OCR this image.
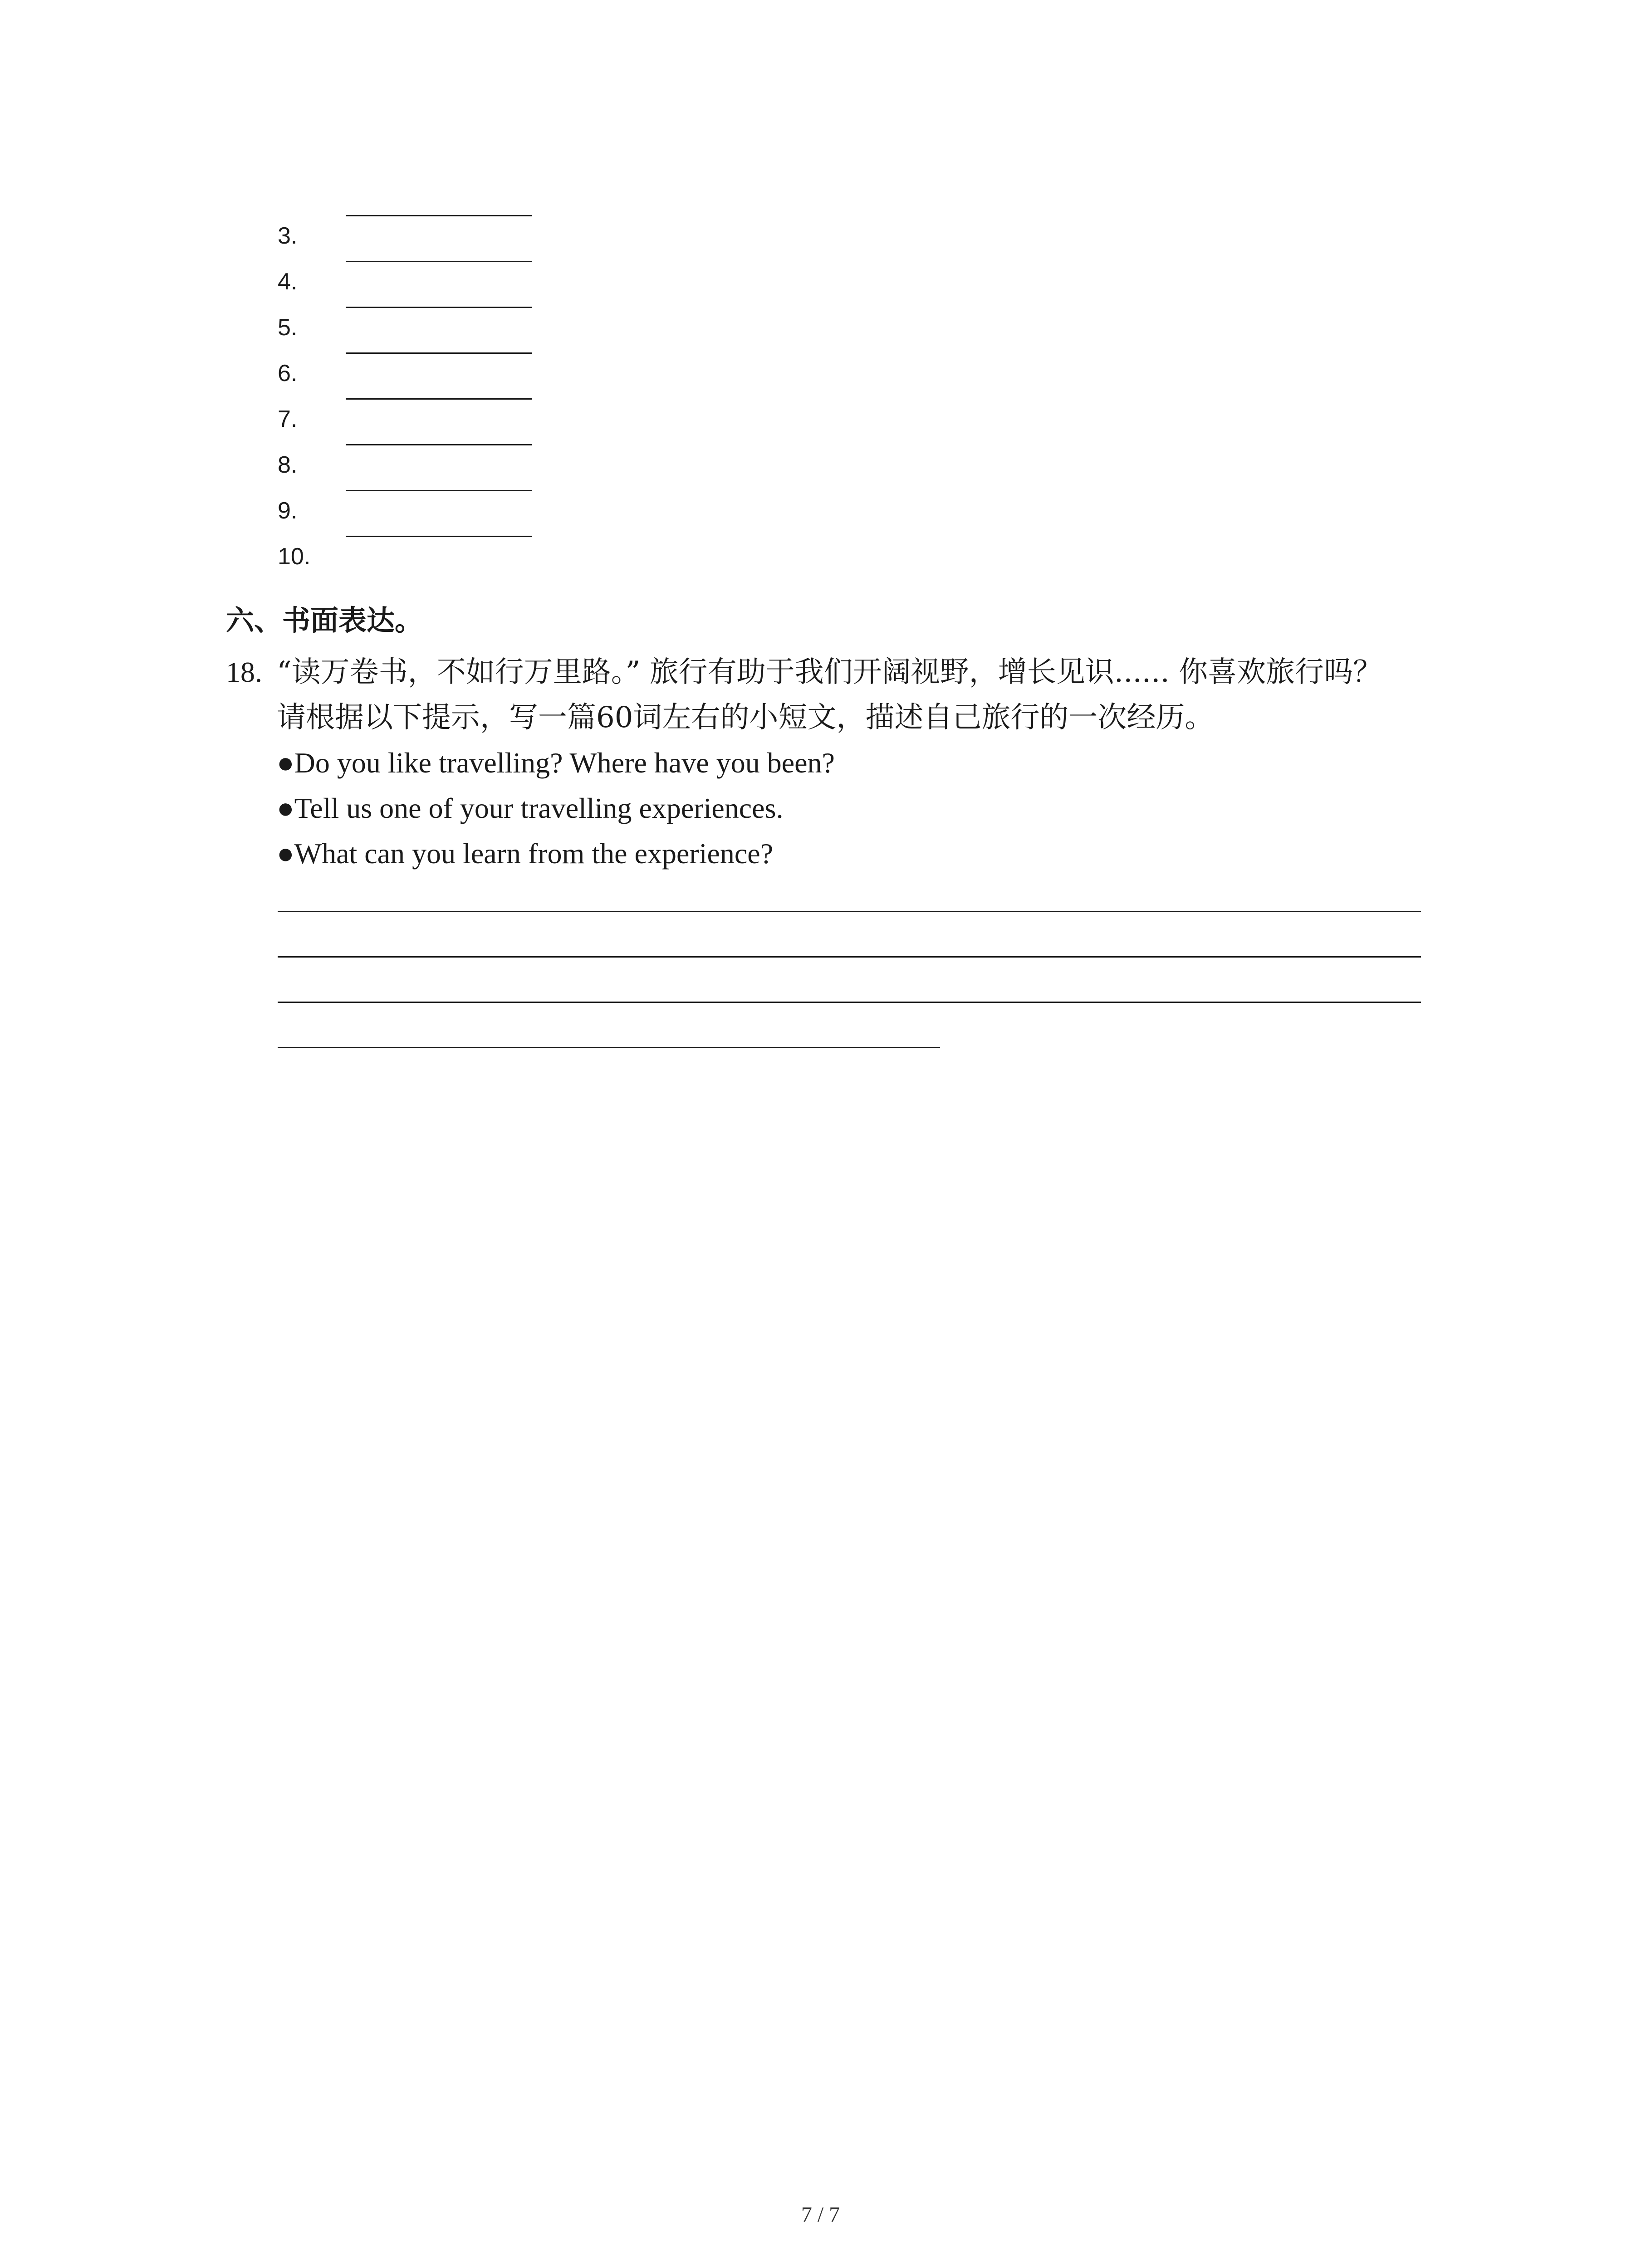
3.
4.
5.
6.
7.
8.
9.
10.
六、书面表达。
18. “读万卷书，不如行万里路。” 旅行有助于我们开阔视野，增长见识...... 你喜欢旅行吗？
请根据以下提示，写一篇60词左右的小短文，描述自己旅行的一次经历。
●Do you like travelling? Where have you been?
●Tell us one of your travelling experiences.
●What can you learn from the experience?
7 / 7
